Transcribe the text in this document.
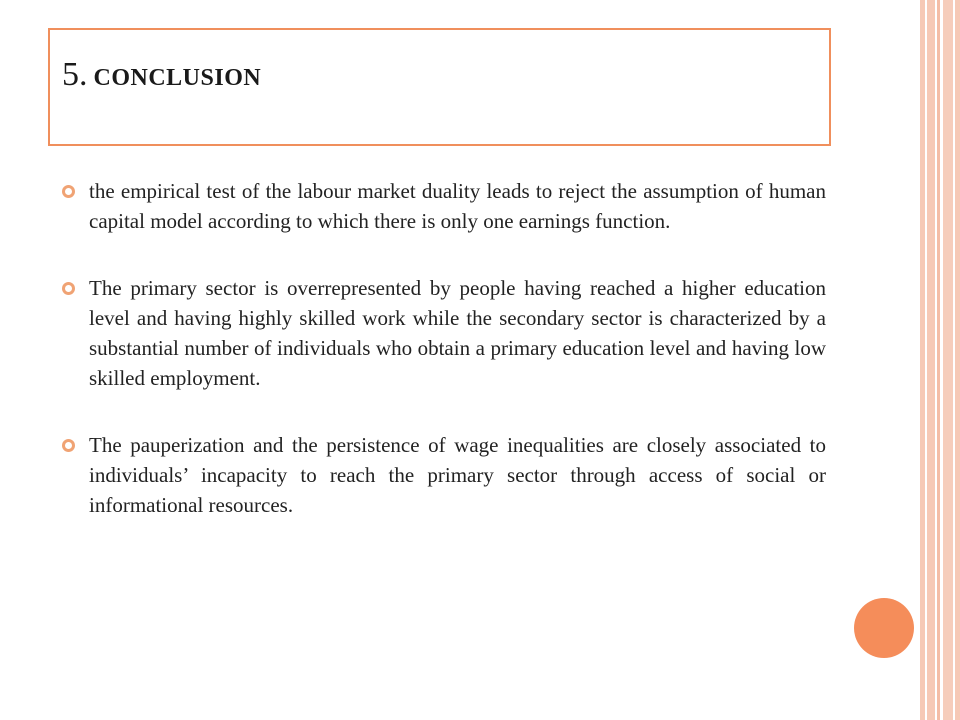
5. conclusion
the empirical test of the labour market duality leads to reject the assumption of human capital model according to which there is only one earnings function.
The primary sector is overrepresented by people having reached a higher education level and having highly skilled work while the secondary sector is characterized by a substantial number of individuals who obtain a primary education level and having low skilled employment.
The pauperization and the persistence of wage inequalities are closely associated to individuals’ incapacity to reach the primary sector through access of social or informational resources.
